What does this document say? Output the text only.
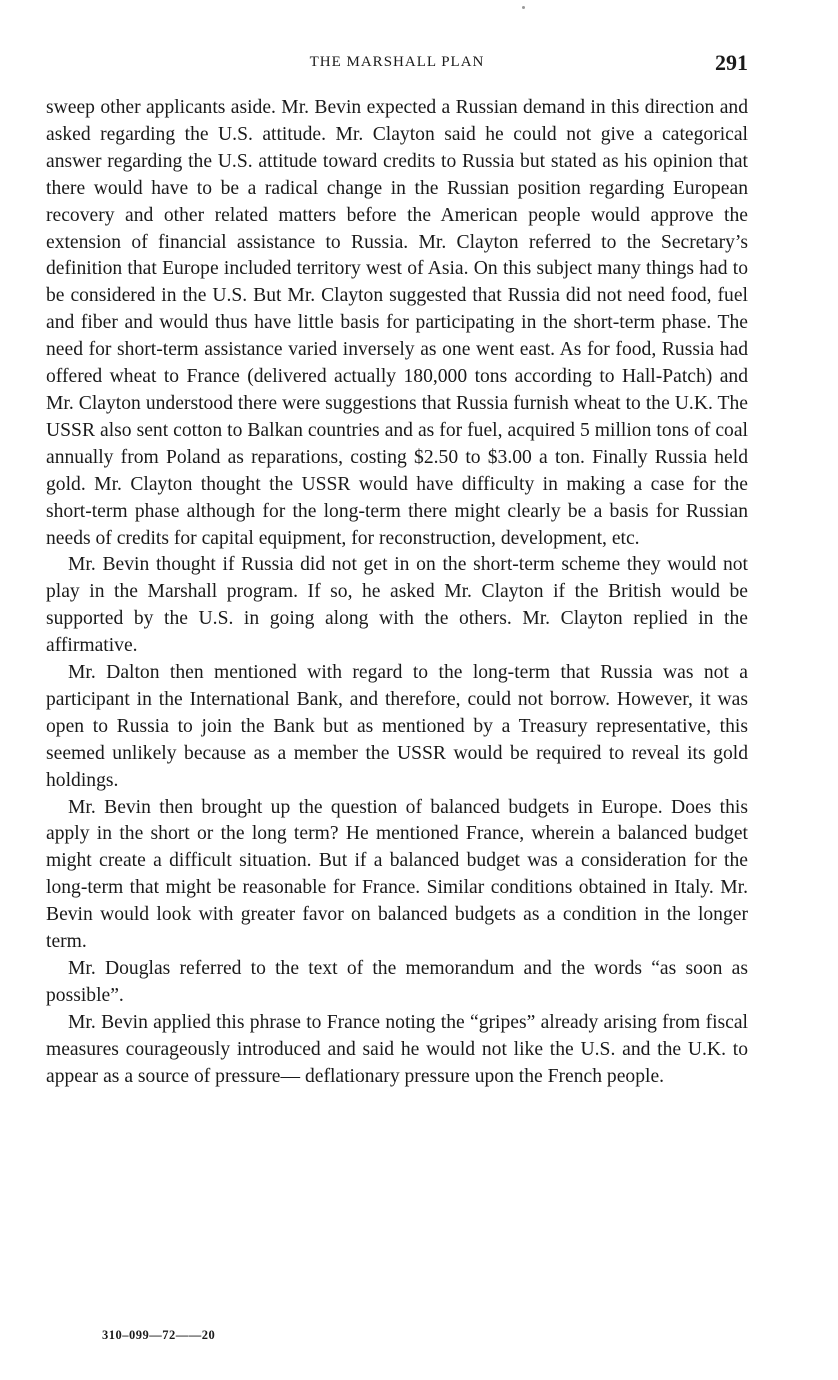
THE MARSHALL PLAN	291

sweep other applicants aside. Mr. Bevin expected a Russian demand in this direction and asked regarding the U.S. attitude. Mr. Clayton said he could not give a categorical answer regarding the U.S. attitude toward credits to Russia but stated as his opinion that there would have to be a radical change in the Russian position regarding European recovery and other related matters before the American people would approve the extension of financial assistance to Russia. Mr. Clayton referred to the Secretary’s definition that Europe included territory west of Asia. On this subject many things had to be considered in the U.S. But Mr. Clayton suggested that Russia did not need food, fuel and fiber and would thus have little basis for participating in the short-term phase. The need for short-term assistance varied inversely as one went east. As for food, Russia had offered wheat to France (delivered actually 180,000 tons according to Hall-Patch) and Mr. Clayton understood there were suggestions that Russia furnish wheat to the U.K. The USSR also sent cotton to Balkan countries and as for fuel, acquired 5 million tons of coal annually from Poland as reparations, costing $2.50 to $3.00 a ton. Finally Russia held gold. Mr. Clayton thought the USSR would have difficulty in making a case for the short-term phase although for the long-term there might clearly be a basis for Russian needs of credits for capital equipment, for reconstruction, development, etc.

Mr. Bevin thought if Russia did not get in on the short-term scheme they would not play in the Marshall program. If so, he asked Mr. Clayton if the British would be supported by the U.S. in going along with the others. Mr. Clayton replied in the affirmative.

Mr. Dalton then mentioned with regard to the long-term that Russia was not a participant in the International Bank, and therefore, could not borrow. However, it was open to Russia to join the Bank but as mentioned by a Treasury representative, this seemed unlikely because as a member the USSR would be required to reveal its gold holdings.

Mr. Bevin then brought up the question of balanced budgets in Europe. Does this apply in the short or the long term? He mentioned France, wherein a balanced budget might create a difficult situation. But if a balanced budget was a consideration for the long-term that might be reasonable for France. Similar conditions obtained in Italy. Mr. Bevin would look with greater favor on balanced budgets as a condition in the longer term.

Mr. Douglas referred to the text of the memorandum and the words “as soon as possible”.

Mr. Bevin applied this phrase to France noting the “gripes” already arising from fiscal measures courageously introduced and said he would not like the U.S. and the U.K. to appear as a source of pressure— deflationary pressure upon the French people.

310–099—72——20
